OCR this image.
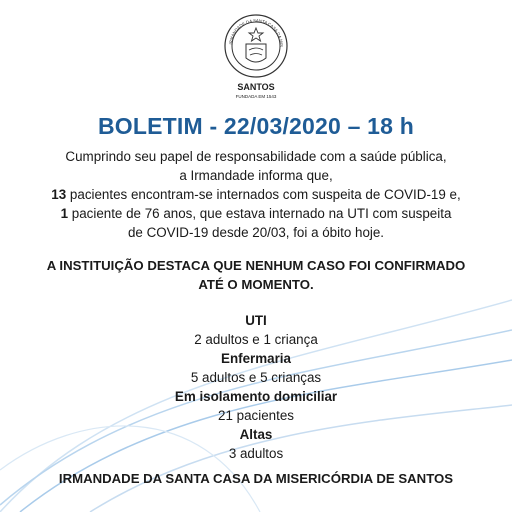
IRMANDADE DA SANTA CASA DA MIS
SANTOS
FUNDADA EM 1543
BOLETIM - 22/03/2020 – 18 h
Cumprindo seu papel de responsabilidade com a saúde pública,
a Irmandade informa que,
13 pacientes encontram-se internados com suspeita de COVID-19 e,
1 paciente de 76 anos, que estava internado na UTI com suspeita
de COVID-19 desde 20/03, foi a óbito hoje.
A INSTITUIÇÃO DESTACA QUE NENHUM CASO FOI CONFIRMADO
ATÉ O MOMENTO.
UTI
2 adultos e 1 criança
Enfermaria
5 adultos e 5 crianças
Em isolamento domiciliar
21 pacientes
Altas
3 adultos
IRMANDADE DA SANTA CASA DA MISERICÓRDIA DE SANTOS
